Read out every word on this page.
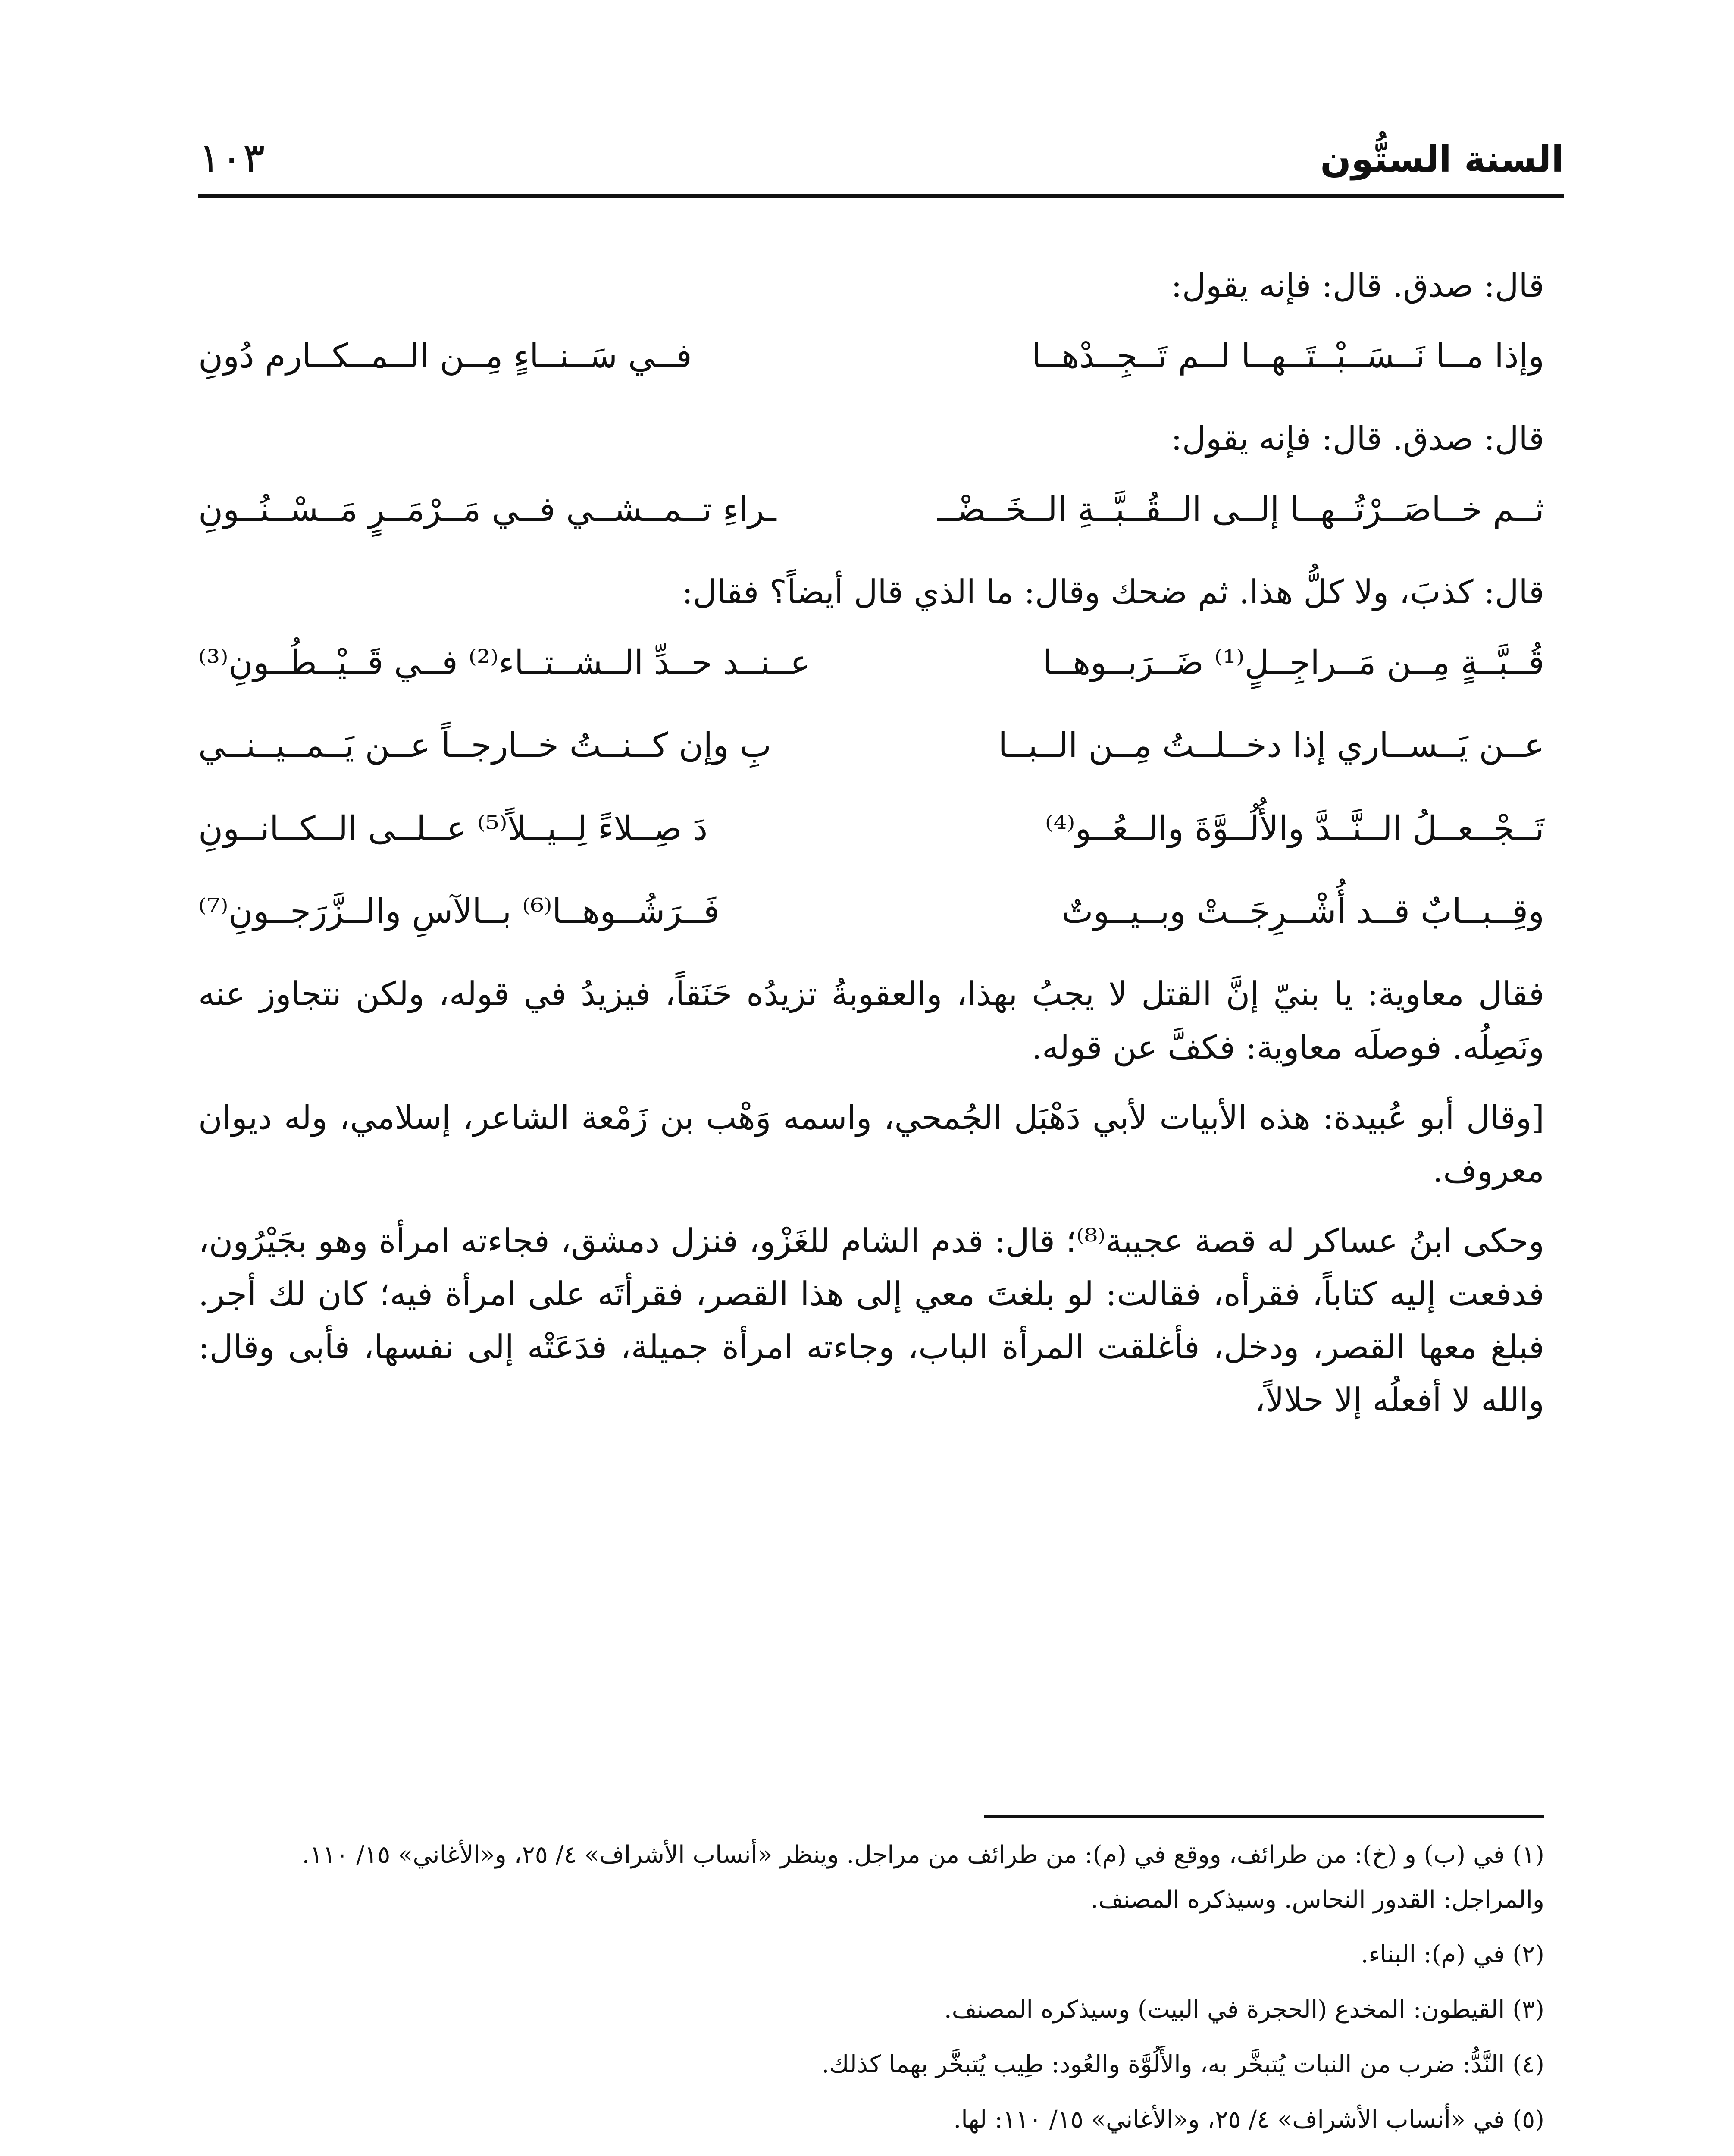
السنة الستُّون
١٠٣

قال: صدق. قال: فإنه يقول:

وإذا مــا نَــسَــبْــتَــهــا لــم تَــجِــدْهــا
فــي سَــنــاءٍ مِــن الــمــكــارم دُونِ

قال: صدق. قال: فإنه يقول:

ثــم خــاصَــرْتُــهــا إلــى الــقُــبَّــةِ الــخَــضْــ
ـراءِ تــمــشــي فــي مَــرْمَــرٍ مَــسْــنُــونِ

قال: كذبَ، ولا كلُّ هذا. ثم ضحك وقال: ما الذي قال أيضاً؟ فقال:

قُــبَّــةٍ مِــن مَــراجِــلٍ⁽¹⁾ ضَــرَبــوهــا
عــنــد حــدِّ الــشــتــاء⁽²⁾ فــي قَــيْــطُــونِ⁽³⁾
عــن يَــســاري إذا دخــلــتُ مِــن الــبــا
بِ وإن كــنــتُ خــارجــاً عــن يَــمــيــنــي
تَــجْــعــلُ الــنَّــدَّ والأُلُــوَّةَ والــعُــو⁽⁴⁾
دَ صِــلاءً لِــيــلاً⁽⁵⁾ عــلــى الــكــانــونِ
وقِــبــابٌ قــد أُشْــرِجَــتْ وبــيــوتٌ
فَــرَشُــوهــا⁽⁶⁾ بــالآسِ والــزَّرَجــونِ⁽⁷⁾

فقال معاوية: يا بنيّ إنَّ القتل لا يجبُ بهذا، والعقوبةُ تزيدُه حَنَقاً، فيزيدُ في قوله، ولكن نتجاوز عنه ونَصِلُه. فوصلَه معاوية: فكفَّ عن قوله.

[وقال أبو عُبيدة: هذه الأبيات لأبي دَهْبَل الجُمحي، واسمه وَهْب بن زَمْعة الشاعر، إسلامي، وله ديوان معروف.

وحكى ابنُ عساكر له قصة عجيبة⁽⁸⁾؛ قال: قدم الشام للغَزْو، فنزل دمشق، فجاءته امرأة وهو بجَيْرُون، فدفعت إليه كتاباً، فقرأه، فقالت: لو بلغتَ معي إلى هذا القصر، فقرأتَه على امرأة فيه؛ كان لك أجر. فبلغ معها القصر، ودخل، فأغلقت المرأة الباب، وجاءته امرأة جميلة، فدَعَتْه إلى نفسها، فأبى وقال: والله لا أفعلُه إلا حلالاً،

(١) في (ب) و (خ): من طرائف، ووقع في (م): من طرائف من مراجل. وينظر «أنساب الأشراف» ٤/ ٢٥، و«الأغاني» ١٥/ ١١٠. والمراجل: القدور النحاس. وسيذكره المصنف.
(٢) في (م): البناء.
(٣) القيطون: المخدع (الحجرة في البيت) وسيذكره المصنف.
(٤) النَّدُّ: ضرب من النبات يُتبخَّر به، والأَلُوَّة والعُود: طِيب يُتبخَّر بهما كذلك.
(٥) في «أنساب الأشراف» ٤/ ٢٥، و«الأغاني» ١٥/ ١١٠: لها.
